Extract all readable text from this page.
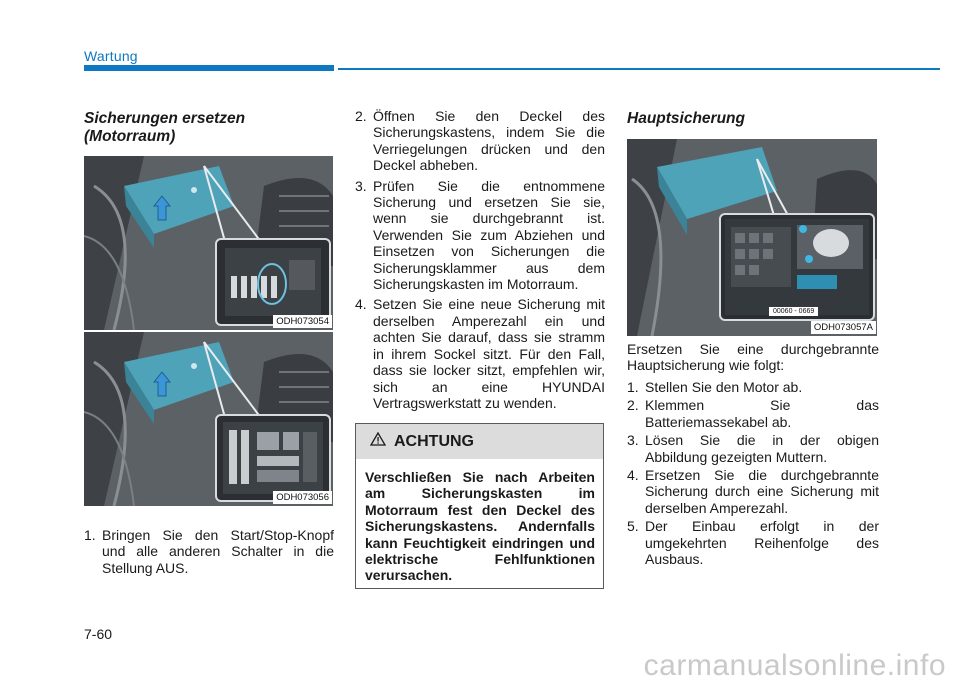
Wartung
Sicherungen ersetzen
(Motorraum)
ODH073054
ODH073056
1. Bringen Sie den Start/Stop-Knopf und alle anderen Schalter in die Stellung AUS.
2. Öffnen Sie den Deckel des Sicherungskastens, indem Sie die Verriegelungen drücken und den Deckel abheben.
3. Prüfen Sie die entnommene Sicherung und ersetzen Sie sie, wenn sie durchgebrannt ist. Verwenden Sie zum Abziehen und Einsetzen von Sicherungen die Sicherungsklammer aus dem Sicherungskasten im Motorraum.
4. Setzen Sie eine neue Sicherung mit derselben Amperezahl ein und achten Sie darauf, dass sie stramm in ihrem Sockel sitzt. Für den Fall, dass sie locker sitzt, empfehlen wir, sich an eine HYUNDAI Vertragswerkstatt zu wenden.
ACHTUNG
Verschließen Sie nach Arbeiten am Sicherungskasten im Motorraum fest den Deckel des Sicherungskastens. Andernfalls kann Feuchtigkeit eindringen und elektrische Fehlfunktionen verursachen.
Hauptsicherung
00060 - 0669
ODH073057A
Ersetzen Sie eine durchgebrannte Hauptsicherung wie folgt:
1. Stellen Sie den Motor ab.
2. Klemmen Sie das Batteriemassekabel ab.
3. Lösen Sie die in der obigen Abbildung gezeigten Muttern.
4. Ersetzen Sie die durchgebrannte Sicherung durch eine Sicherung mit derselben Amperezahl.
5. Der Einbau erfolgt in der umgekehrten Reihenfolge des Ausbaus.
7-60
carmanualsonline.info
